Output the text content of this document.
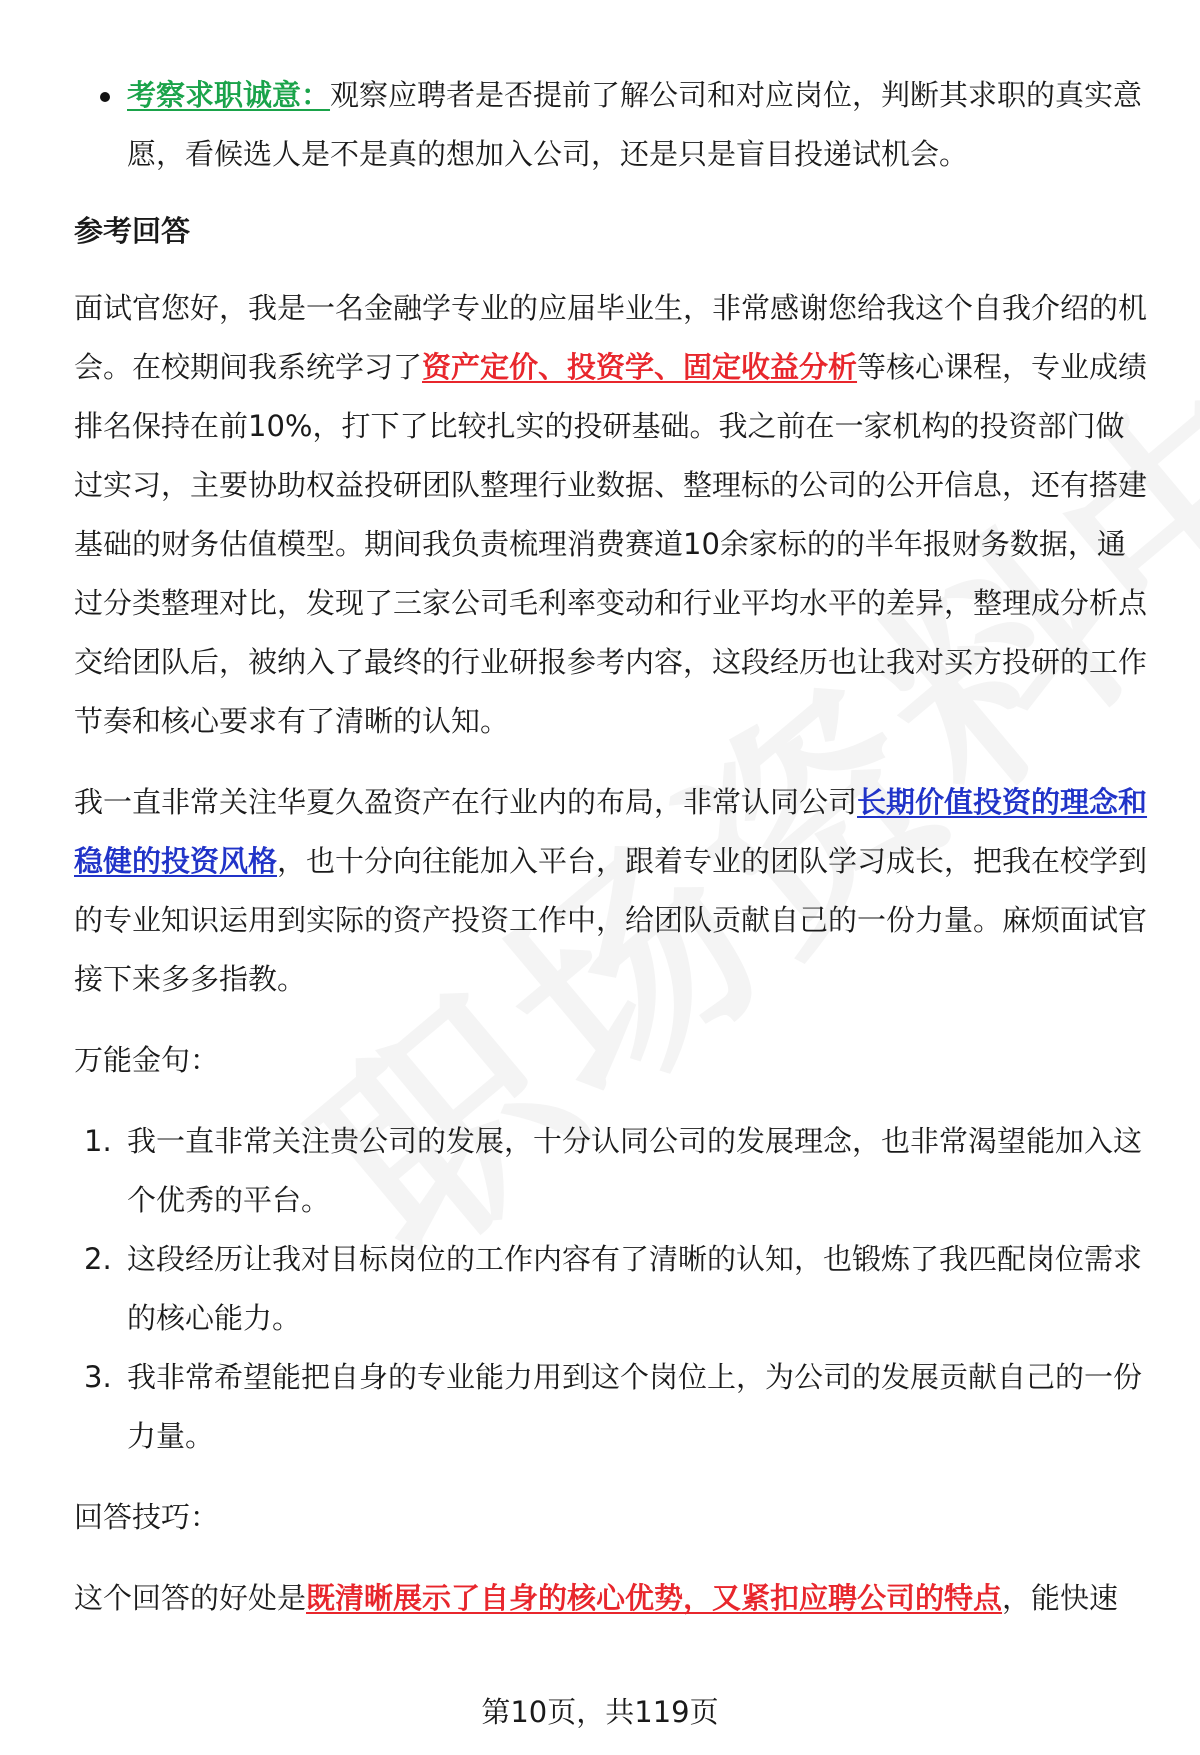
考察求职诚意：观察应聘者是否提前了解公司和对应岗位，判断其求职的真实意愿，看候选人是不是真的想加入公司，还是只是盲目投递试机会。
参考回答

面试官您好，我是一名金融学专业的应届毕业生，非常感谢您给我这个自我介绍的机会。在校期间我系统学习了资产定价、投资学、固定收益分析等核心课程，专业成绩排名保持在前10%，打下了比较扎实的投研基础。我之前在一家机构的投资部门做过实习，主要协助权益投研团队整理行业数据、整理标的公司的公开信息，还有搭建基础的财务估值模型。期间我负责梳理消费赛道10余家标的的半年报财务数据，通过分类整理对比，发现了三家公司毛利率变动和行业平均水平的差异，整理成分析点交给团队后，被纳入了最终的行业研报参考内容，这段经历也让我对买方投研的工作节奏和核心要求有了清晰的认知。

我一直非常关注华夏久盈资产在行业内的布局，非常认同公司长期价值投资的理念和稳健的投资风格，也十分向往能加入平台，跟着专业的团队学习成长，把我在校学到的专业知识运用到实际的资产投资工作中，给团队贡献自己的一份力量。麻烦面试官接下来多多指教。

万能金句：

1. 我一直非常关注贵公司的发展，十分认同公司的发展理念，也非常渴望能加入这个优秀的平台。
2. 这段经历让我对目标岗位的工作内容有了清晰的认知，也锻炼了我匹配岗位需求的核心能力。
3. 我非常希望能把自身的专业能力用到这个岗位上，为公司的发展贡献自己的一份力量。

回答技巧：

这个回答的好处是既清晰展示了自身的核心优势，又紧扣应聘公司的特点，能快速

第10页，共119页
